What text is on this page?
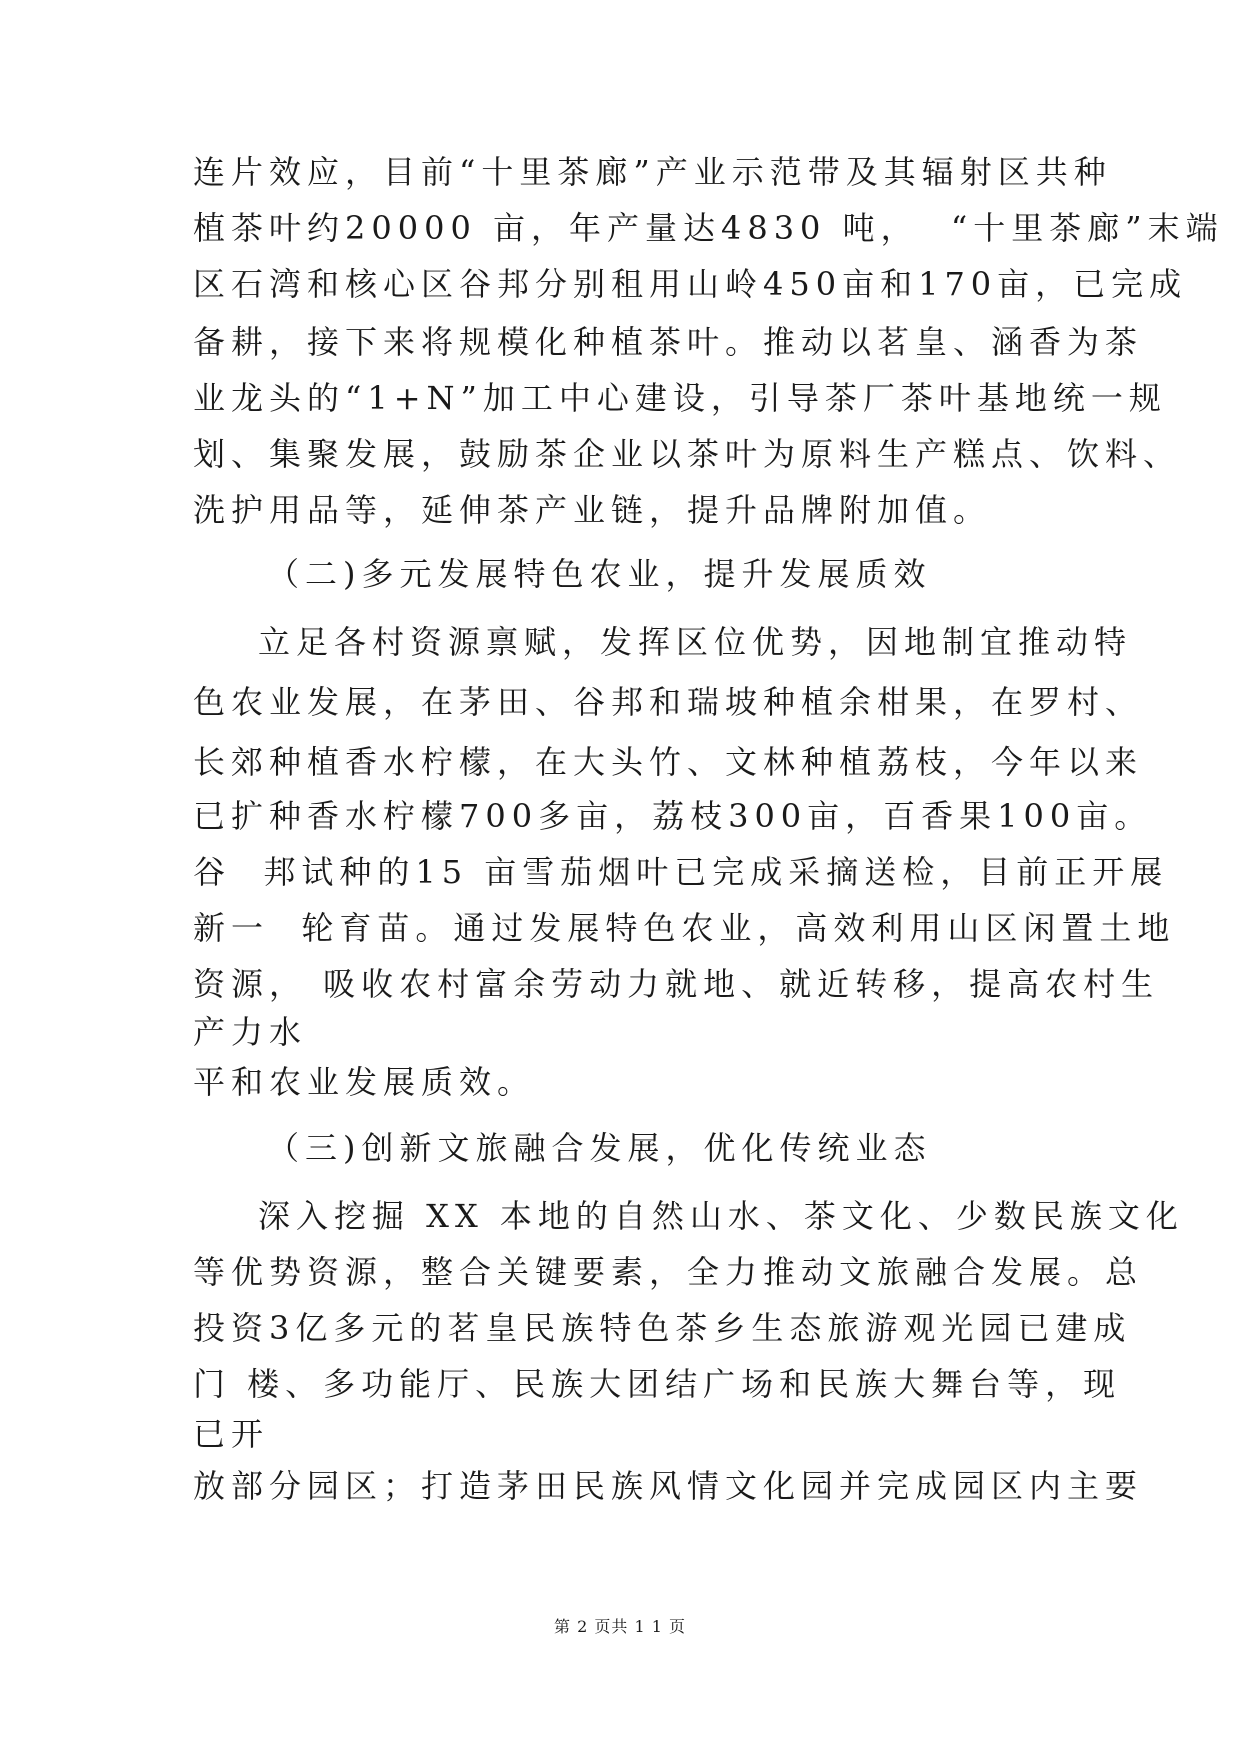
连片效应，目前“十里茶廊”产业示范带及其辐射区共种
植茶叶约20000 亩，年产量达4830 吨，  “十里茶廊”末端
区石湾和核心区谷邦分别租用山岭450亩和170亩，已完成
备耕，接下来将规模化种植茶叶。推动以茗皇、涵香为茶
业龙头的“1+N”加工中心建设，引导茶厂茶叶基地统一规
划、集聚发展，鼓励茶企业以茶叶为原料生产糕点、饮料、
洗护用品等，延伸茶产业链，提升品牌附加值。
（二)多元发展特色农业，提升发展质效
立足各村资源禀赋，发挥区位优势，因地制宜推动特
色农业发展，在茅田、谷邦和瑞坡种植余柑果，在罗村、
长郊种植香水柠檬，在大头竹、文林种植荔枝，今年以来
已扩种香水柠檬700多亩，荔枝300亩，百香果100亩。
谷  邦试种的15 亩雪茄烟叶已完成采摘送检，目前正开展
新一  轮育苗。通过发展特色农业，高效利用山区闲置土地
资源， 吸收农村富余劳动力就地、就近转移，提高农村生
产力水
平和农业发展质效。
（三)创新文旅融合发展，优化传统业态
深入挖掘 XX 本地的自然山水、茶文化、少数民族文化
等优势资源，整合关键要素，全力推动文旅融合发展。总
投资3亿多元的茗皇民族特色茶乡生态旅游观光园已建成
门 楼、多功能厅、民族大团结广场和民族大舞台等，现
已开
放部分园区；打造茅田民族风情文化园并完成园区内主要
第 2 页共 1 1 页
